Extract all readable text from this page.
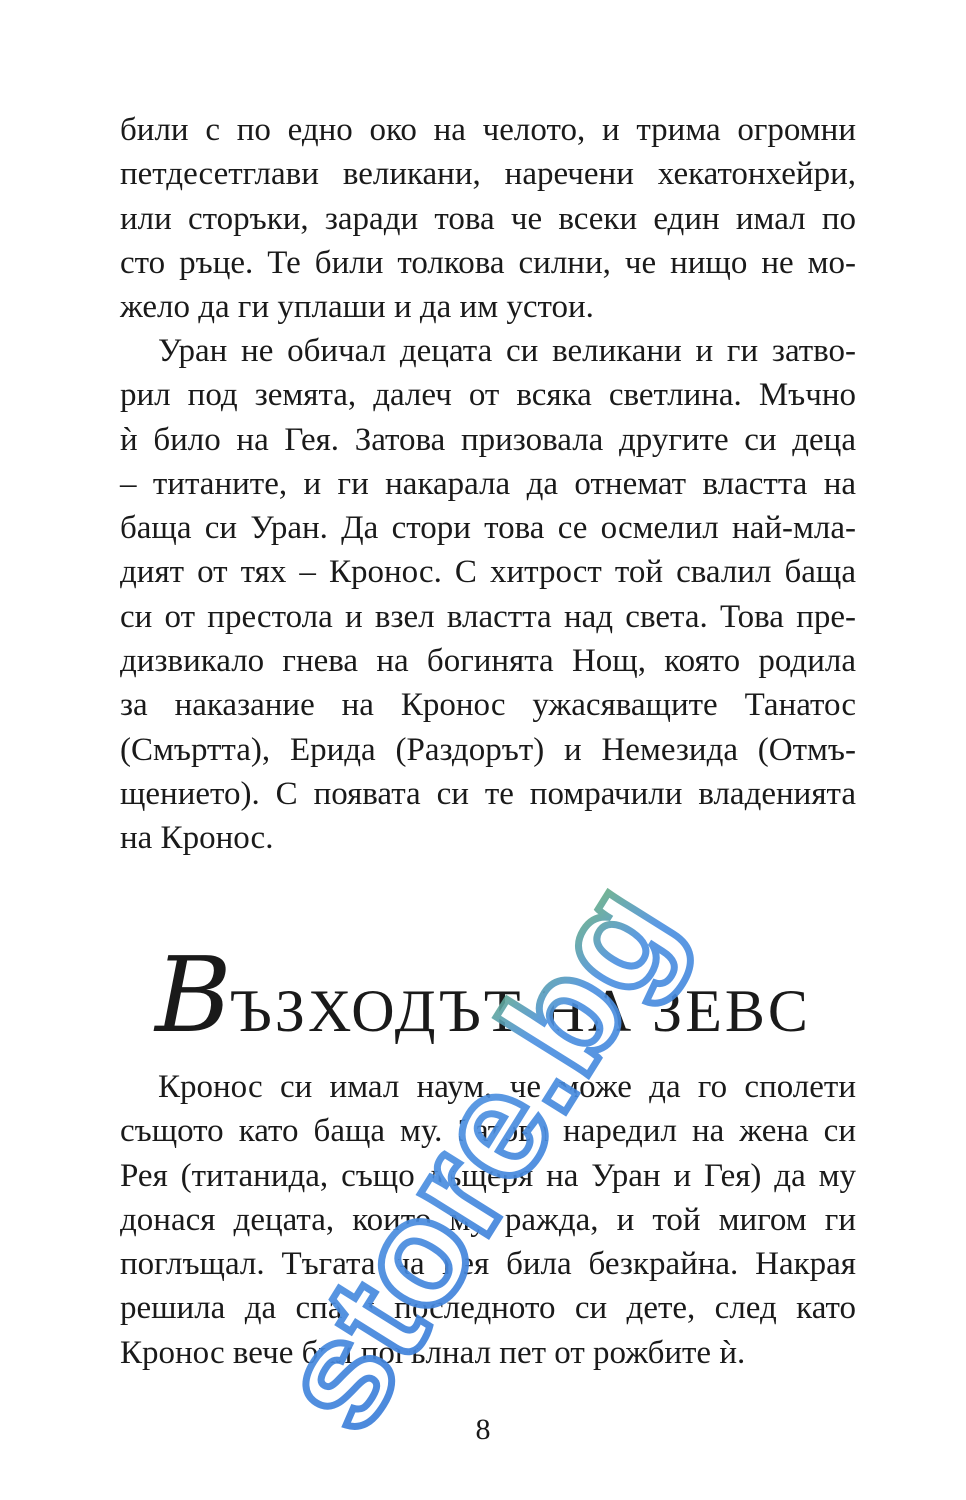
били с по едно око на челото, и трима огромни
петдесетглави великани, наречени хекатонхейри,
или сторъки, заради това че всеки един имал по
сто ръце. Те били толкова силни, че нищо не мо-
жело да ги уплаши и да им устои.
Уран не обичал децата си великани и ги затво-
рил под земята, далеч от всяка светлина. Мъчно
ѝ било на Гея. Затова призовала другите си деца
– титаните, и ги накарала да отнемат властта на
баща си Уран. Да стори това се осмелил най-мла-
дият от тях – Кронос. С хитрост той свалил баща
си от престола и взел властта над света. Това пре-
дизвикало гнева на богинята Нощ, която родила
за наказание на Кронос ужасяващите Танатос
(Смъртта), Ерида (Раздорът) и Немезида (Отмъ-
щението). С появата си те помрачили владенията
на Кронос.
ВЪЗХОДЪТ НА ЗЕВС
Кронос си имал наум, че може да го сполети
същото като баща му. Затова наредил на жена си
Рея (титанида, също дъщеря на Уран и Гея) да му
донася децата, които му ражда, и той мигом ги
поглъщал. Тъгата на Рея била безкрайна. Накрая
решила да спаси последното си дете, след като
Кронос вече бил погълнал пет от рожбите ѝ.
8
store.bg
